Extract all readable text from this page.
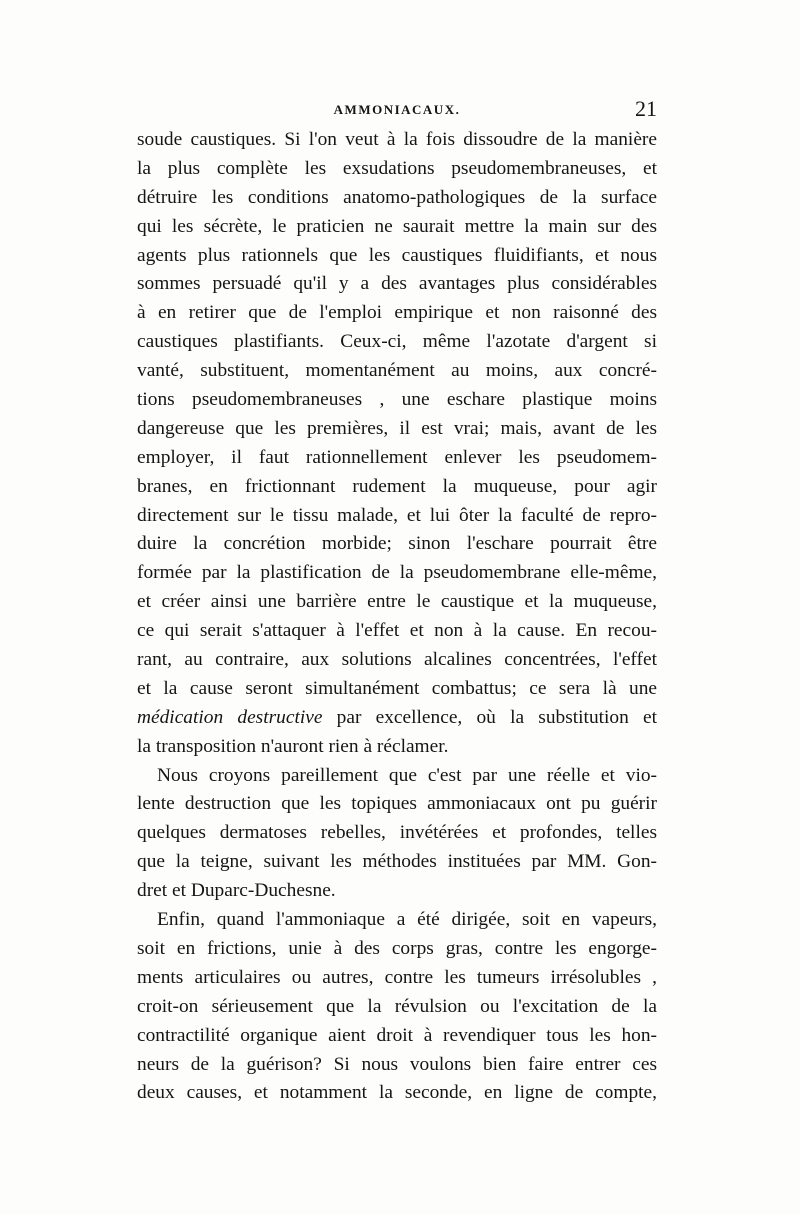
AMMONIACAUX.	21
soude caustiques. Si l'on veut à la fois dissoudre de la manière
la plus complète les exsudations pseudomembraneuses, et
détruire les conditions anatomo-pathologiques de la surface
qui les sécrète, le praticien ne saurait mettre la main sur des
agents plus rationnels que les caustiques fluidifiants, et nous
sommes persuadé qu'il y a des avantages plus considérables
à en retirer que de l'emploi empirique et non raisonné des
caustiques plastifiants. Ceux-ci, même l'azotate d'argent si
vanté, substituent, momentanément au moins, aux concré-
tions pseudomembraneuses , une eschare plastique moins
dangereuse que les premières, il est vrai; mais, avant de les
employer, il faut rationnellement enlever les pseudomem-
branes, en frictionnant rudement la muqueuse, pour agir
directement sur le tissu malade, et lui ôter la faculté de repro-
duire la concrétion morbide; sinon l'eschare pourrait être
formée par la plastification de la pseudomembrane elle-même,
et créer ainsi une barrière entre le caustique et la muqueuse,
ce qui serait s'attaquer à l'effet et non à la cause. En recou-
rant, au contraire, aux solutions alcalines concentrées, l'effet
et la cause seront simultanément combattus; ce sera là une
médication destructive par excellence, où la substitution et
la transposition n'auront rien à réclamer.
Nous croyons pareillement que c'est par une réelle et vio-
lente destruction que les topiques ammoniacaux ont pu guérir
quelques dermatoses rebelles, invétérées et profondes, telles
que la teigne, suivant les méthodes instituées par MM. Gon-
dret et Duparc-Duchesne.
Enfin, quand l'ammoniaque a été dirigée, soit en vapeurs,
soit en frictions, unie à des corps gras, contre les engorge-
ments articulaires ou autres, contre les tumeurs irrésolubles ,
croit-on sérieusement que la révulsion ou l'excitation de la
contractilité organique aient droit à revendiquer tous les hon-
neurs de la guérison? Si nous voulons bien faire entrer ces
deux causes, et notamment la seconde, en ligne de compte,
